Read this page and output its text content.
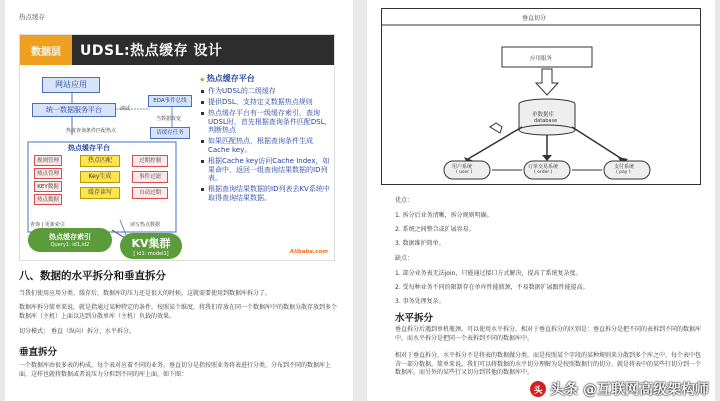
热点缓存
数据层	UDSL:热点缓存 设计
网站应用
统一数据服务平台
EDA事件总线
请缓存任务
调试
热度查询条件匹配热点
当数据改变
热点缓存平台
规则管理
热点管理
KEY数据
热点数据
热点匹配
Key生成
缓存读写
过期控制
事件过滤
自动过期
查询 | 更新索引	读写热点数据
热点缓存索引
Query1: id1,id2	KV集群
[ id1: model1]
◆ 热点缓存平台
作为UDSL的二级缓存
提供DSL、支持定义数据热点规则
热点缓存平台有一级缓存索引，查询UDSL时，首先根据查询条件匹配DSL，判断热点
如果匹配热点，根据查询条件生成Cache key。
根据Cache key访问Cache Index，如果命中，返回一组查询结果数据的ID列表。
根据查询结果数据的ID列表去KV系统中取得查询结果数据。
Alibaba.com
八、数据的水平拆分和垂直拆分
当我们使用应用分类、缓存后，数据库的压力还是很大的时候，这就需要使用到数据库拆分了。
数据库拆分简单来说，就是指通过某种特定的条件，按照某个维度，将我们存放在同一个数据库中的数据分散存放到多个数据库（主机）上面以达到分散单库（主机）负载的效果。
切分模式： 垂直（纵向）拆分、水平拆分。
垂直拆分
一个数据库由很多表的构成，每个表对应着不同的业务，垂直切分是指按照业务将表进行分类，分布到不同的数据库上面，这样也就将数据或者说压力分担到不同的库上面，如下图：
垂直切分
应用服务
单数据库
database
用户系统
( user )
订单交易系统
( order )
支付系统
( pay )
优点：
1. 拆分后业务清晰，拆分规则明确。
2. 系统之间整合或扩展容易。
3. 数据维护简单。
缺点：
1. 部分业务表无法join，只能通过接口方式解决，提高了系统复杂度。
2. 受每种业务不同的限制存在单库性能瓶颈，不易数据扩展跟性能提高。
3. 事务处理复杂。
水平拆分
垂直拆分后遇到单机瓶颈，可以使用水平拆分。相对于垂直拆分的区别是：垂直拆分是把不同的表拆到不同的数据库中，而水平拆分是把同一个表拆到不同的数据库中。
相对于垂直拆分，水平拆分不是将表的数据做分类，而是按照某个字段的某种规则来分散到多个库之中，每个表中包含一部分数据。简单来说，我们可以将数据的水平切分理解为是按照数据行的切分，就是将表中的某些行切分到一个数据库，而另外的某些行又切分到其他的数据库中。
头 头条 @互联网高级架构师
